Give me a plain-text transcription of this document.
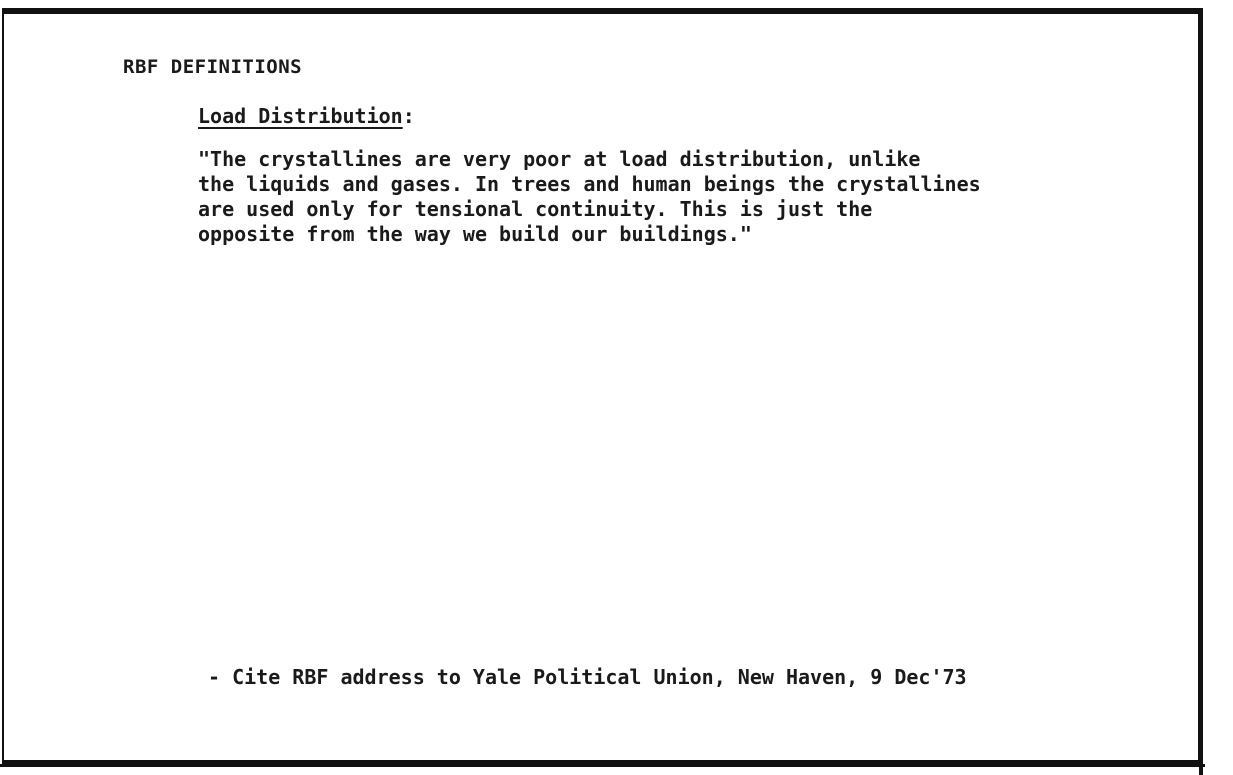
RBF DEFINITIONS
Load Distribution:
"The crystallines are very poor at load distribution, unlike
the liquids and gases. In trees and human beings the crystallines
are used only for tensional continuity. This is just the
opposite from the way we build our buildings."
- Cite RBF address to Yale Political Union, New Haven, 9 Dec'73
